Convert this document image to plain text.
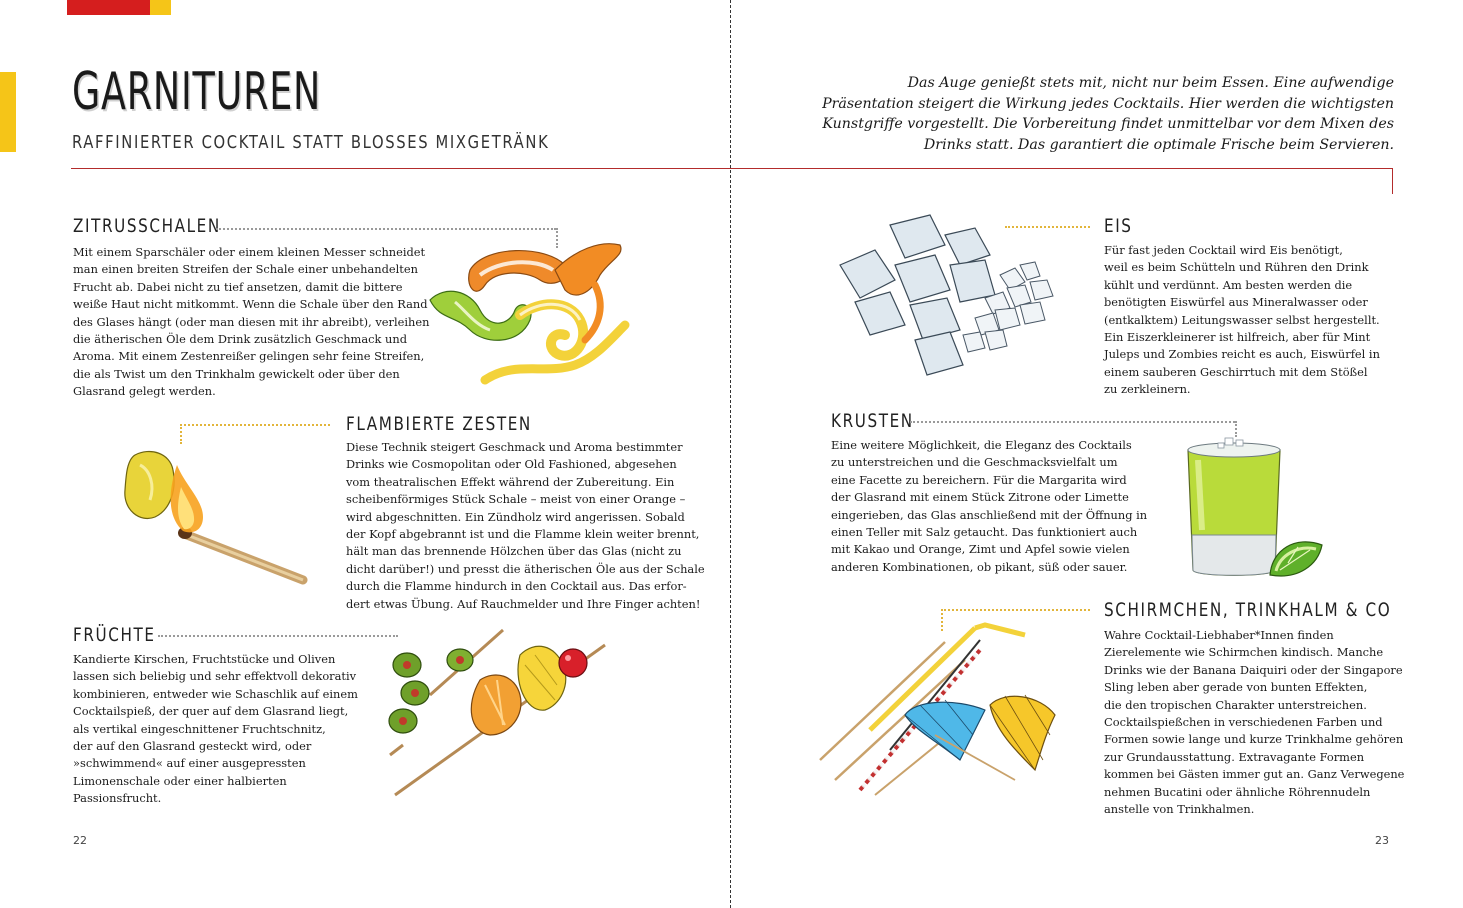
GARNITUREN

RAFFINIERTER COCKTAIL STATT BLOSSES MIXGETRÄNK

Das Auge genießt stets mit, nicht nur beim Essen. Eine aufwendige Präsentation steigert die Wirkung jedes Cocktails. Hier werden die wichtigsten Kunstgriffe vorgestellt. Die Vorbereitung findet unmittelbar vor dem Mixen des Drinks statt. Das garantiert die optimale Frische beim Servieren.

ZITRUSSCHALEN
Mit einem Sparschäler oder einem kleinen Messer schneidet
man einen breiten Streifen der Schale einer unbehandelten
Frucht ab. Dabei nicht zu tief ansetzen, damit die bittere
weiße Haut nicht mitkommt. Wenn die Schale über den Rand
des Glases hängt (oder man diesen mit ihr abreibt), verleihen
die ätherischen Öle dem Drink zusätzlich Geschmack und
Aroma. Mit einem Zestenreißer gelingen sehr feine Streifen,
die als Twist um den Trinkhalm gewickelt oder über den
Glasrand gelegt werden.
FLAMBIERTE ZESTEN
Diese Technik steigert Geschmack und Aroma bestimmter
Drinks wie Cosmopolitan oder Old Fashioned, abgesehen
vom theatralischen Effekt während der Zubereitung. Ein
scheibenförmiges Stück Schale – meist von einer Orange –
wird abgeschnitten. Ein Zündholz wird angerissen. Sobald
der Kopf abgebrannt ist und die Flamme klein weiter brennt,
hält man das brennende Hölzchen über das Glas (nicht zu
dicht darüber!) und presst die ätherischen Öle aus der Schale
durch die Flamme hindurch in den Cocktail aus. Das erfor-
dert etwas Übung. Auf Rauchmelder und Ihre Finger achten!
FRÜCHTE
Kandierte Kirschen, Fruchtstücke und Oliven
lassen sich beliebig und sehr effektvoll dekorativ
kombinieren, entweder wie Schaschlik auf einem
Cocktailspieß, der quer auf dem Glasrand liegt,
als vertikal eingeschnittener Fruchtschnitz,
der auf den Glasrand gesteckt wird, oder
»schwimmend« auf einer ausgepressten
Limonenschale oder einer halbierten
Passionsfrucht.
EIS
Für fast jeden Cocktail wird Eis benötigt,
weil es beim Schütteln und Rühren den Drink
kühlt und verdünnt. Am besten werden die
benötigten Eiswürfel aus Mineralwasser oder
(entkalktem) Leitungswasser selbst hergestellt.
Ein Eiszerkleinerer ist hilfreich, aber für Mint
Juleps und Zombies reicht es auch, Eiswürfel in
einem sauberen Geschirrtuch mit dem Stößel
zu zerkleinern.
KRUSTEN
Eine weitere Möglichkeit, die Eleganz des Cocktails
zu unterstreichen und die Geschmacksvielfalt um
eine Facette zu bereichern. Für die Margarita wird
der Glasrand mit einem Stück Zitrone oder Limette
eingerieben, das Glas anschließend mit der Öffnung in
einen Teller mit Salz getaucht. Das funktioniert auch
mit Kakao und Orange, Zimt und Apfel sowie vielen
anderen Kombinationen, ob pikant, süß oder sauer.
SCHIRMCHEN, TRINKHALM & CO
Wahre Cocktail-Liebhaber*Innen finden
Zierelemente wie Schirmchen kindisch. Manche
Drinks wie der Banana Daiquiri oder der Singapore
Sling leben aber gerade von bunten Effekten,
die den tropischen Charakter unterstreichen.
Cocktailspießchen in verschiedenen Farben und
Formen sowie lange und kurze Trinkhalme gehören
zur Grundausstattung. Extravagante Formen
kommen bei Gästen immer gut an. Ganz Verwegene
nehmen Bucatini oder ähnliche Röhrennudeln
anstelle von Trinkhalmen.
22	23
